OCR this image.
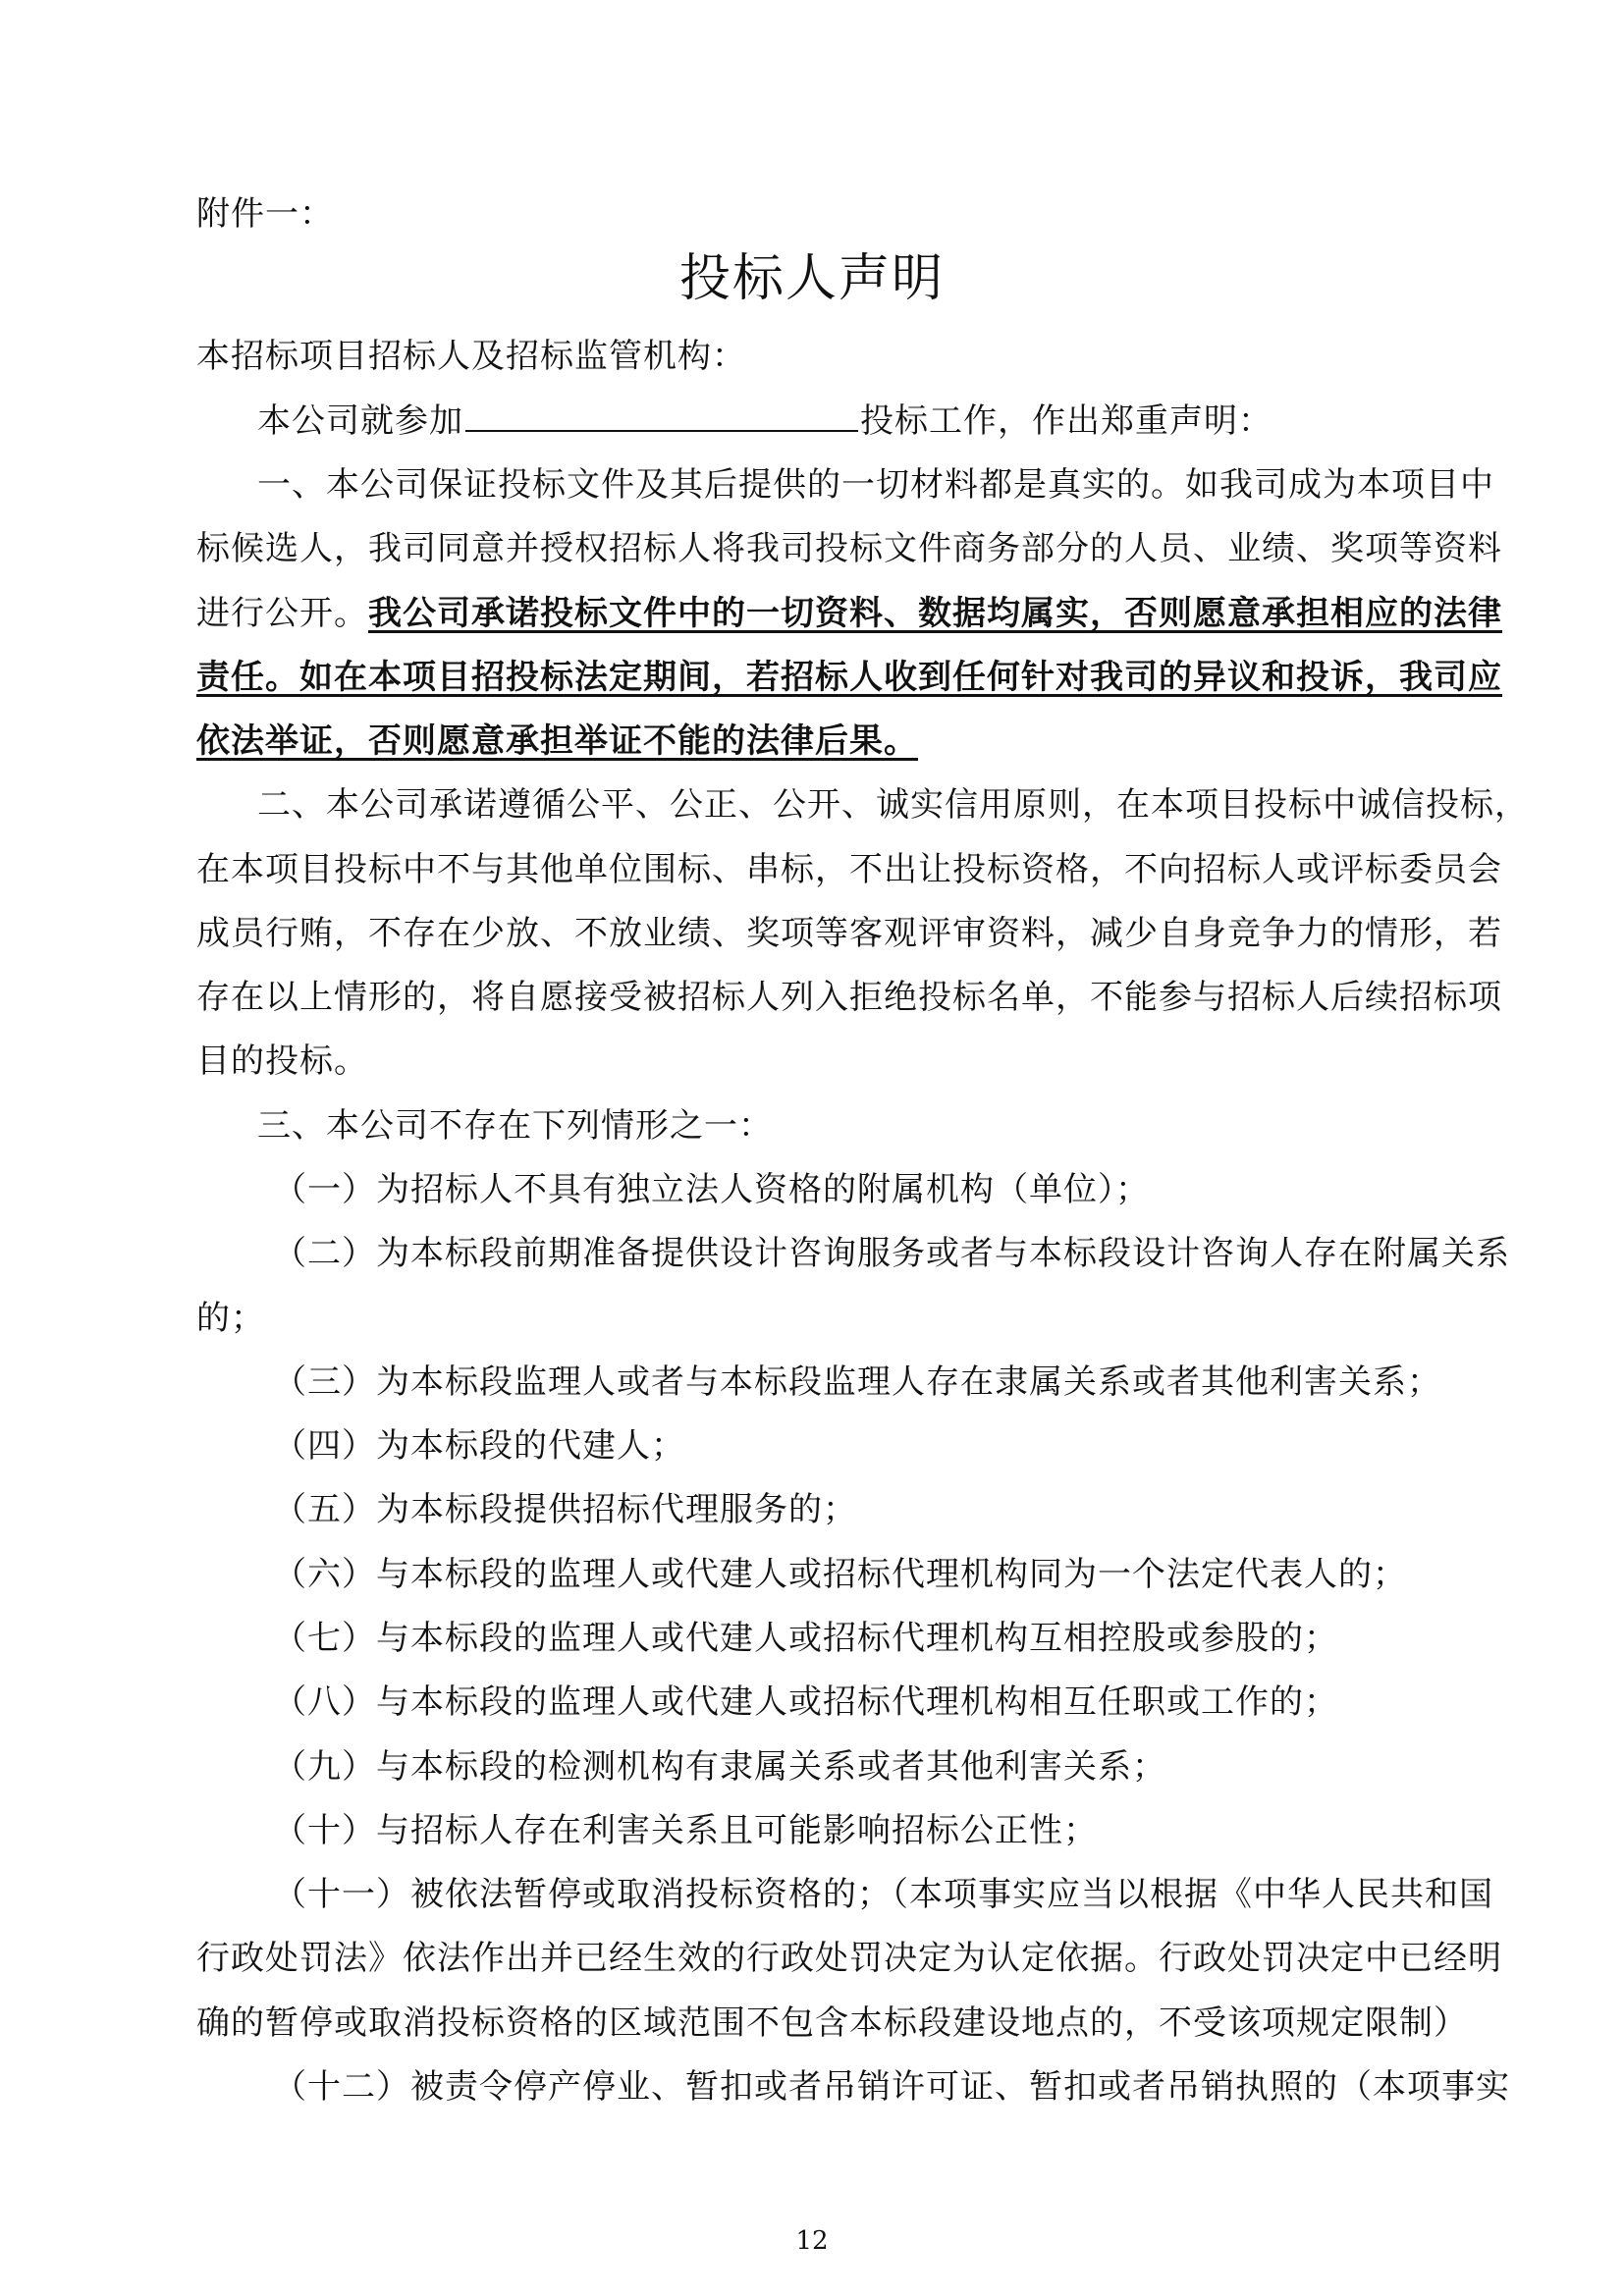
附件一：
投标人声明
本招标项目招标人及招标监管机构：
本公司就参加	投标工作，作出郑重声明：
一、本公司保证投标文件及其后提供的一切材料都是真实的。如我司成为本项目中
标候选人，我司同意并授权招标人将我司投标文件商务部分的人员、业绩、奖项等资料
进行公开。我公司承诺投标文件中的一切资料、数据均属实，否则愿意承担相应的法律
责任。如在本项目招投标法定期间，若招标人收到任何针对我司的异议和投诉，我司应
依法举证，否则愿意承担举证不能的法律后果。
二、本公司承诺遵循公平、公正、公开、诚实信用原则，在本项目投标中诚信投标，
在本项目投标中不与其他单位围标、串标，不出让投标资格，不向招标人或评标委员会
成员行贿，不存在少放、不放业绩、奖项等客观评审资料，减少自身竞争力的情形，若
存在以上情形的，将自愿接受被招标人列入拒绝投标名单，不能参与招标人后续招标项
目的投标。
三、本公司不存在下列情形之一：
（一）为招标人不具有独立法人资格的附属机构（单位）；
（二）为本标段前期准备提供设计咨询服务或者与本标段设计咨询人存在附属关系
的；
（三）为本标段监理人或者与本标段监理人存在隶属关系或者其他利害关系；
（四）为本标段的代建人；
（五）为本标段提供招标代理服务的；
（六）与本标段的监理人或代建人或招标代理机构同为一个法定代表人的；
（七）与本标段的监理人或代建人或招标代理机构互相控股或参股的；
（八）与本标段的监理人或代建人或招标代理机构相互任职或工作的；
（九）与本标段的检测机构有隶属关系或者其他利害关系；
（十）与招标人存在利害关系且可能影响招标公正性；
（十一）被依法暂停或取消投标资格的；（本项事实应当以根据《中华人民共和国
行政处罚法》依法作出并已经生效的行政处罚决定为认定依据。行政处罚决定中已经明
确的暂停或取消投标资格的区域范围不包含本标段建设地点的，不受该项规定限制）
（十二）被责令停产停业、暂扣或者吊销许可证、暂扣或者吊销执照的（本项事实
12
